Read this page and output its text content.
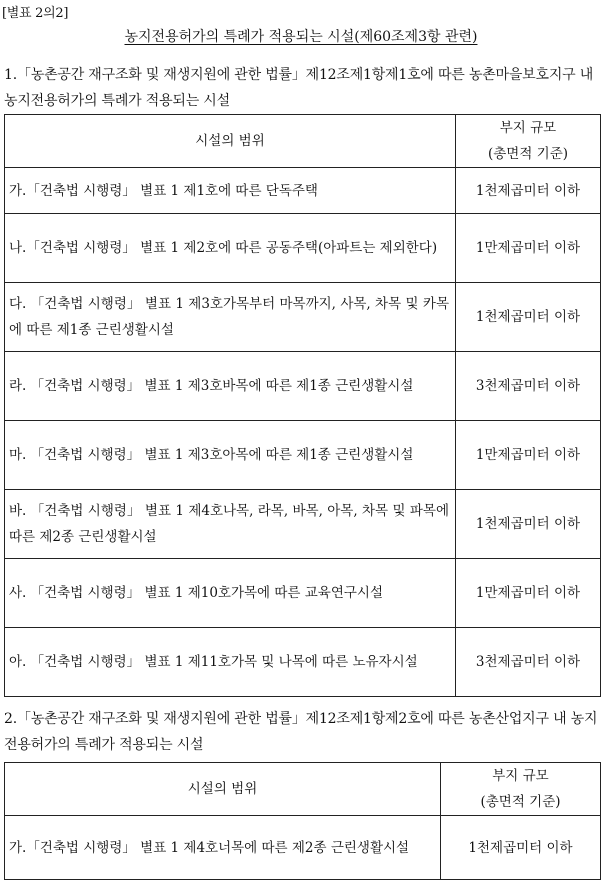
[별표 2의2]
농지전용허가의 특례가 적용되는 시설(제60조제3항 관련)
1.「농촌공간 재구조화 및 재생지원에 관한 법률」제12조제1항제1호에 따른 농촌마을보호지구 내 농지전용허가의 특례가 적용되는 시설
시설의 범위	부지 규모
(총면적 기준)

가.「건축법 시행령」 별표 1 제1호에 따른 단독주택	1천제곱미터 이하
나.「건축법 시행령」 별표 1 제2호에 따른 공동주택(아파트는 제외한다)	1만제곱미터 이하
다. 「건축법 시행령」 별표 1 제3호가목부터 마목까지, 사목, 차목 및 카목에 따른 제1종 근린생활시설	1천제곱미터 이하
라. 「건축법 시행령」 별표 1 제3호바목에 따른 제1종 근린생활시설	3천제곱미터 이하
마. 「건축법 시행령」 별표 1 제3호아목에 따른 제1종 근린생활시설	1만제곱미터 이하
바. 「건축법 시행령」 별표 1 제4호나목, 라목, 바목, 아목, 차목 및 파목에 따른 제2종 근린생활시설	1천제곱미터 이하
사. 「건축법 시행령」 별표 1 제10호가목에 따른 교육연구시설	1만제곱미터 이하
아. 「건축법 시행령」 별표 1 제11호가목 및 나목에 따른 노유자시설	3천제곱미터 이하
2.「농촌공간 재구조화 및 재생지원에 관한 법률」제12조제1항제2호에 따른 농촌산업지구 내 농지전용허가의 특례가 적용되는 시설
시설의 범위	부지 규모
(총면적 기준)

가.「건축법 시행령」 별표 1 제4호너목에 따른 제2종 근린생활시설	1천제곱미터 이하
